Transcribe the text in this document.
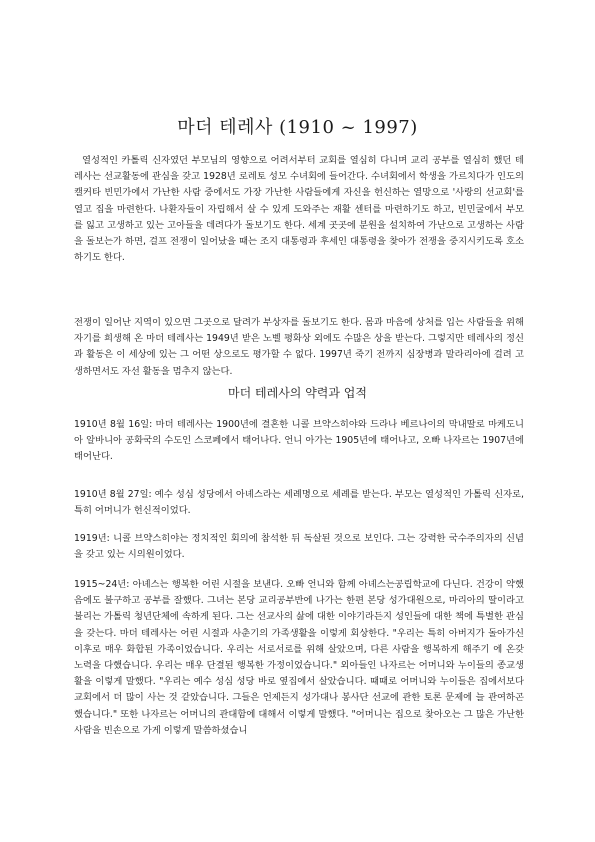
마더 테레사 (1910 ~ 1997)

열성적인 카톨릭 신자였던 부모님의 영향으로 어려서부터 교회를 열심히 다니며 교리 공부를 열심히 했던 테레사는 선교활동에 관심을 갖고 1928년 로레토 성모 수녀회에 들어간다. 수녀회에서 학생을 가르치다가 인도의 캘커타 빈민가에서 가난한 사람 중에서도 가장 가난한 사람들에게 자신을 헌신하는 열망으로 '사랑의 선교회'를 열고 집을 마련한다. 나환자들이 자립해서 살 수 있게 도와주는 재활 센터를 마련하기도 하고, 빈민굴에서 부모를 잃고 고생하고 있는 고아들을 데려다가 돌보기도 한다. 세계 곳곳에 분원을 설치하여 가난으로 고생하는 사람을 돌보는가 하면, 걸프 전쟁이 일어났을 때는 조지 대통령과 후세인 대통령을 찾아가 전쟁을 중지시키도록 호소하기도 한다.

전쟁이 일어난 지역이 있으면 그곳으로 달려가 부상자를 돌보기도 한다. 몸과 마음에 상처를 입는 사람들을 위해 자기를 희생해 온 마더 테레사는 1949년 받은 노벨 평화상 외에도 수많은 상을 받는다. 그렇지만 테레사의 정신과 활동은 이 세상에 있는 그 어떤 상으로도 평가할 수 없다. 1997년 죽기 전까지 심장병과 말라리아에 걸려 고생하면서도 자선 활동을 멈추지 않는다.

마더 테레사의 약력과 업적

1910년 8월 16일: 마더 테레사는 1900년에 결혼한 니콜 브약스히야와 드라나 베르나이의 막내딸로 마케도니아 알바니아 공화국의 수도인 스코페에서 태어나다. 언니 아가는 1905년에 태어나고, 오빠 나자르는 1907년에 태어난다.

1910년 8월 27일: 예수 성심 성당에서 아녜스라는 세례명으로 세례를 받는다. 부모는 열성적인 가톨릭 신자로, 특히 어머니가 헌신적이었다.

1919년: 니콜 브약스히야는 정치적인 회의에 참석한 뒤 독살된 것으로 보인다. 그는 강력한 국수주의자의 신념을 갖고 있는 시의원이었다.

1915~24년: 아녜스는 행복한 어린 시절을 보낸다. 오빠 언니와 함께 아녜스는공립학교에 다닌다. 건강이 약했음에도 불구하고 공부를 잘했다. 그녀는 본당 교리공부반에 나가는 한편 본당 성가대원으로, 마리아의 딸이라고 불리는 가톨릭 청년단체에 속하게 된다. 그는 선교사의 삶에 대한 이야기라든지 성인들에 대한 책에 특별한 관심을 갖는다. 마더 테레사는 어린 시절과 사춘기의 가족생활을 이렇게 회상한다. "우리는 특히 아버지가 돌아가신 이후로 매우 화합된 가족이었습니다. 우리는 서로서로를 위해 살았으며, 다른 사람을 행복하게 해주기 에 온갖 노력을 다했습니다. 우리는 매우 단결된 행복한 가정이었습니다." 외아들인 나자르는 어머니와 누이들의 종교생활을 이렇게 말했다. "우리는 예수 성심 성당 바로 옆집에서 살았습니다. 때때로 어머니와 누이들은 집에서보다 교회에서 더 많이 사는 것 같았습니다. 그들은 언제든지 성가대나 봉사단 선교에 관한 토론 문제에 늘 관여하곤 했습니다." 또한 나자르는 어머니의 관대함에 대해서 이렇게 말했다. "어머니는 집으로 찾아오는 그 많은 가난한 사람을 빈손으로 가게 이렇게 말씀하셨습니
